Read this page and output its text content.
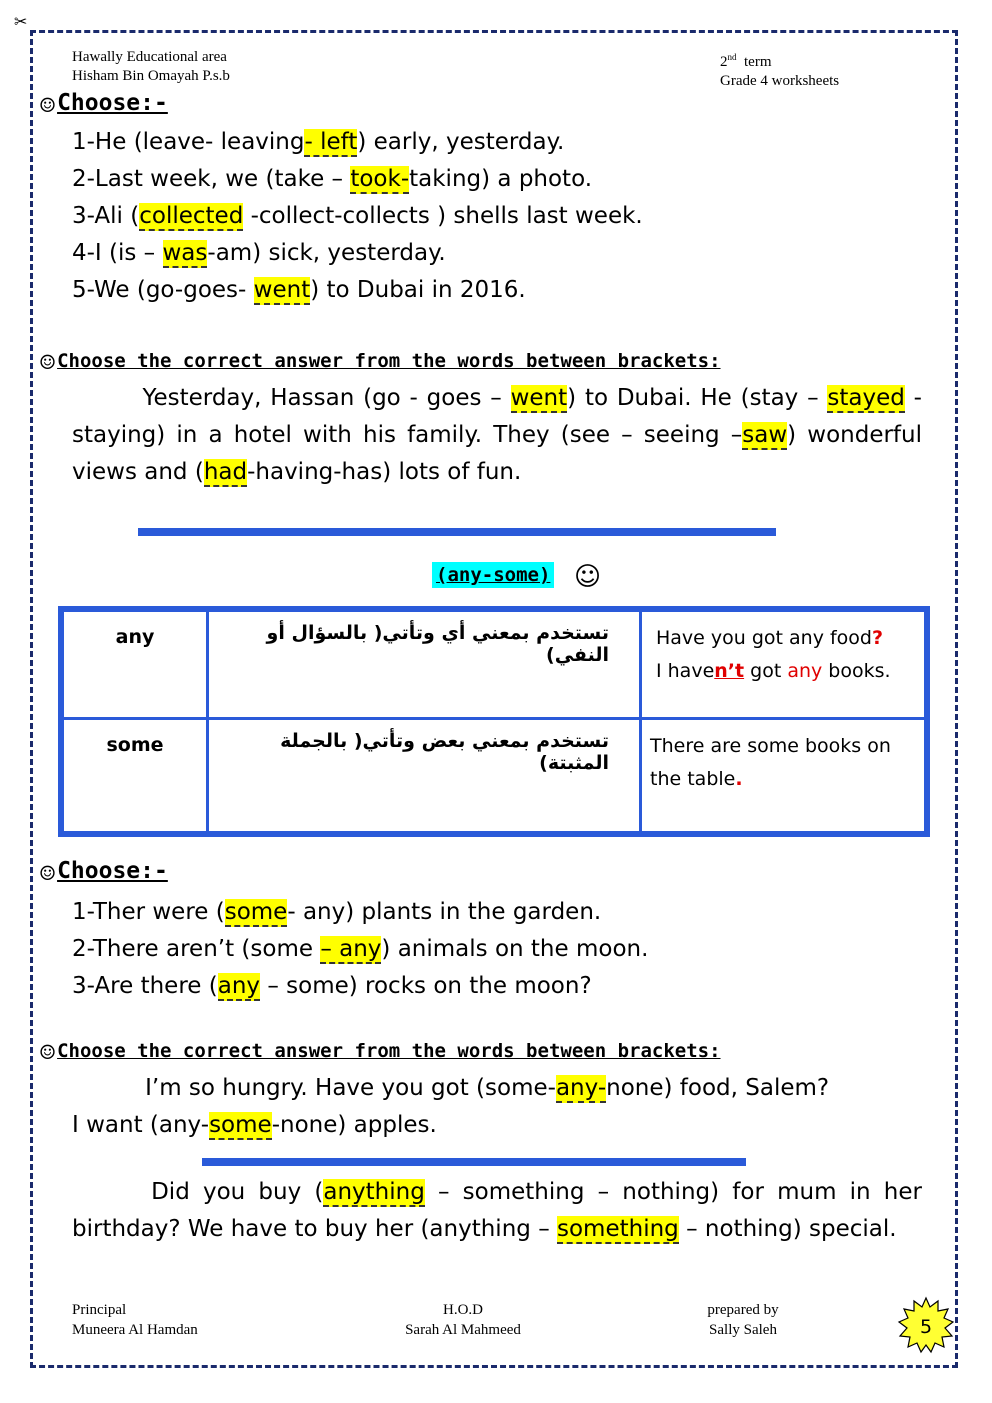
✂
Hawally Educational area
Hisham Bin Omayah P.s.b
2nd term
Grade 4 worksheets
☺Choose:-
1-He (leave- leaving- left) early, yesterday.
2-Last week, we (take – took-taking) a photo.
3-Ali (collected -collect-collects ) shells last week.
4-I (is – was-am) sick, yesterday.
5-We (go-goes- went) to Dubai in 2016.
☺ Choose the correct answer from the words between brackets:
Yesterday, Hassan (go - goes – went) to Dubai. He (stay – stayed -staying) in a hotel with his family. They (see – seeing –saw) wonderful views and (had-having-has) lots of fun.
(any-some) ☺
any	تستخدم بمعني أي وتأتي( بالسؤال أو النفي)	Have you got any food?
I haven’t got any books.

some	تستخدم بمعني بعض وتأتي( بالجملة المثبتة)	There are some books on the table.
☺Choose:-
1-Ther were (some- any) plants in the garden.
2-There aren’t (some – any) animals on the moon.
3-Are there (any – some) rocks on the moon?
☺ Choose the correct answer from the words between brackets:
I’m so hungry. Have you got (some-any-none) food, Salem?
I want (any-some-none) apples.
Did you buy (anything – something – nothing) for mum in her birthday? We have to buy her (anything – something – nothing) special.
Principal
Muneera Al Hamdan
H.O.D
Sarah Al Mahmeed
prepared by
Sally Saleh	5
